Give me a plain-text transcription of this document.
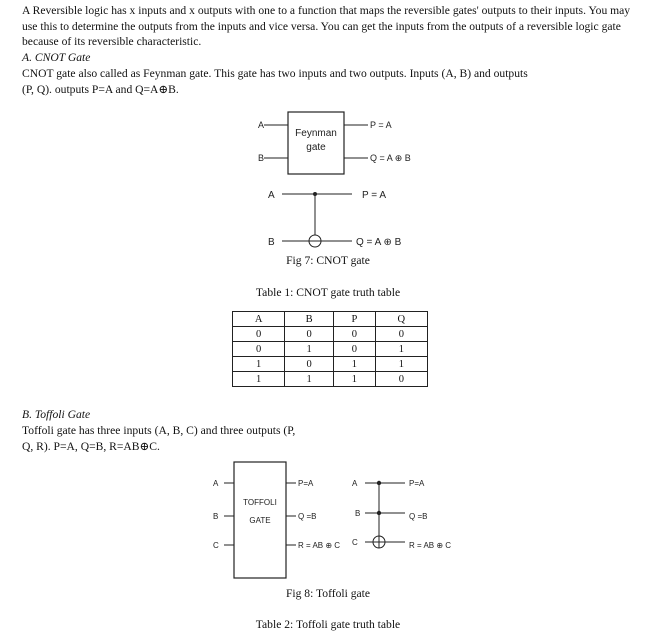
A Reversible logic has x inputs and x outputs with one to a function that maps the reversible gates' outputs to their inputs. You may use this to determine the outputs from the inputs and vice versa. You can get the inputs from the outputs of a reversible logic gate because of its reversible characteristic.

A. CNOT Gate

CNOT gate also called as Feynman gate. This gate has two inputs and two outputs. Inputs (A, B) and outputs (P, Q). outputs P=A and Q=A⊕B.

Feynman
gate
A
B
P = A
Q = A ⊕ B
A
B
P = A
Q = A ⊕ B
TOFFOLI
GATE
A
B
C
P=A
Q =B
R = AB ⊕ C
A
B
C
P=A
Q =B
R = AB ⊕ C
Fig 7: CNOT gate
Table 1: CNOT gate truth table
A	B	P	Q
0	0	0	0
0	1	0	1
1	0	1	1
1	1	1	0

B. Toffoli Gate

Toffoli gate has three inputs (A, B, C) and three outputs (P, Q, R). P=A, Q=B, R=AB⊕C.

Fig 8: Toffoli gate
Table 2: Toffoli gate truth table
